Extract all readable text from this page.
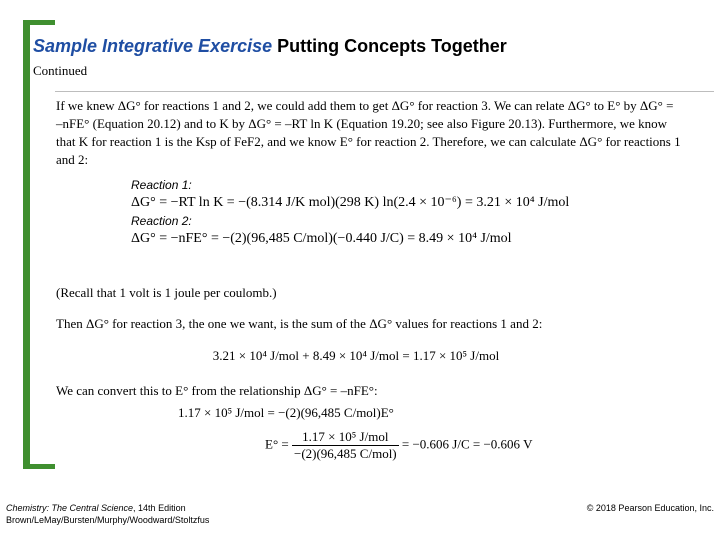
Sample Integrative Exercise Putting Concepts Together
Continued
If we knew ΔG° for reactions 1 and 2, we could add them to get ΔG° for reaction 3. We can relate ΔG° to E° by ΔG° = –nFE° (Equation 20.12) and to K by ΔG° = –RT ln K (Equation 19.20; see also Figure 20.13). Furthermore, we know that K for reaction 1 is the Ksp of FeF2, and we know E° for reaction 2. Therefore, we can calculate ΔG° for reactions 1 and 2:
Reaction 1:
ΔG° = −RT ln K = −(8.314 J/K mol)(298 K) ln(2.4 × 10⁻⁶) = 3.21 × 10⁴ J/mol
Reaction 2:
ΔG° = −nFE° = −(2)(96,485 C/mol)(−0.440 J/C) = 8.49 × 10⁴ J/mol
(Recall that 1 volt is 1 joule per coulomb.)
Then ΔG° for reaction 3, the one we want, is the sum of the ΔG° values for reactions 1 and 2:
3.21 × 10⁴ J/mol + 8.49 × 10⁴ J/mol = 1.17 × 10⁵ J/mol
We can convert this to E° from the relationship ΔG° = –nFE°:
1.17 × 10⁵ J/mol = −(2)(96,485 C/mol)E°
$E^\circ = \frac{\text{1.17 × 10⁵ J/mol}}{\text{−(2)(96,485 C/mol)}} = -0.606$ J/C = −0.606 V
Chemistry: The Central Science, 14th Edition
Brown/LeMay/Bursten/Murphy/Woodward/Stoltzfus
© 2018 Pearson Education, Inc.
